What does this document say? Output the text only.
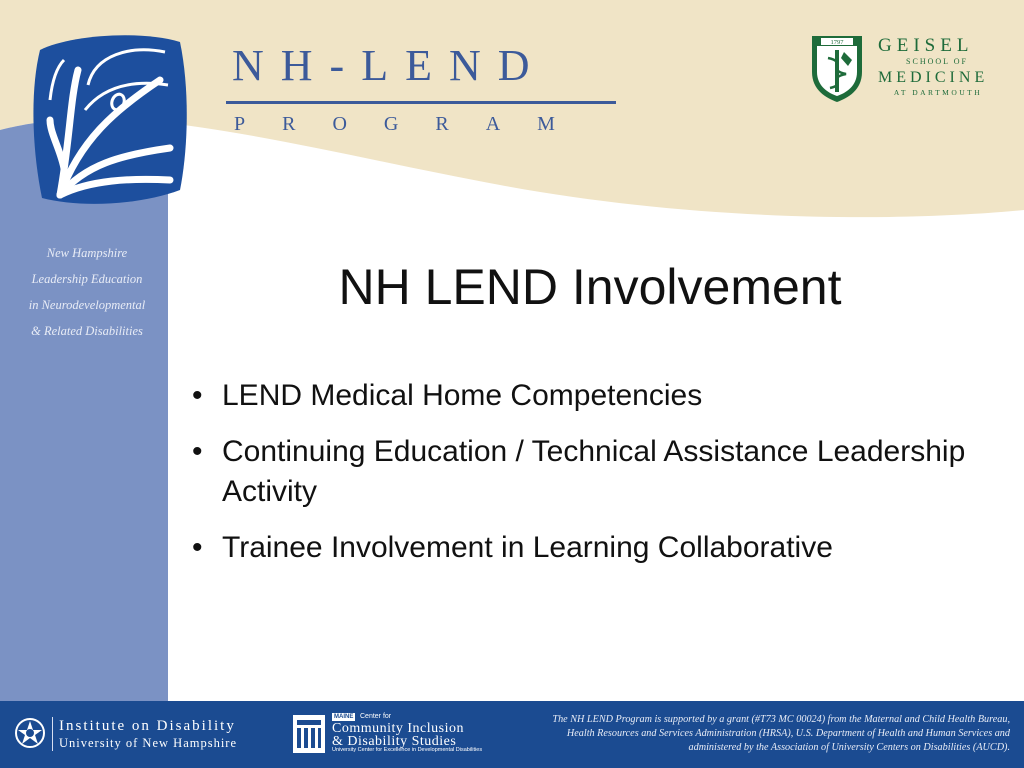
NH-LEND
PROGRAM
1797 GEISEL
SCHOOL OF
MEDICINE
AT DARTMOUTH
New Hampshire
Leadership Education
in Neurodevelopmental
& Related Disabilities
NH LEND Involvement
• LEND Medical Home Competencies
• Continuing Education / Technical Assistance Leadership Activity
• Trainee Involvement in Learning Collaborative
Institute on Disability
University of New Hampshire
MAINE Center for
Community Inclusion
& Disability Studies
University Center for Excellence in Developmental Disabilities
The NH LEND Program is supported by a grant (#T73 MC 00024) from the Maternal and Child Health Bureau, Health Resources and Services Administration (HRSA), U.S. Department of Health and Human Services and administered by the Association of University Centers on Disabilities (AUCD).
